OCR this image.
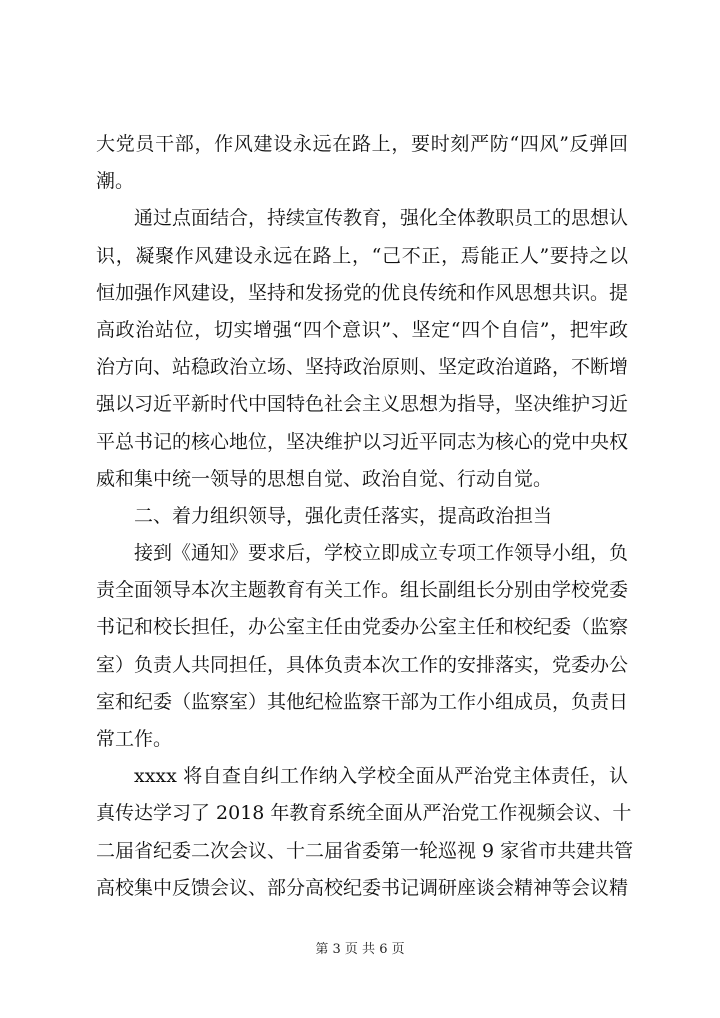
大党员干部，作风建设永远在路上，要时刻严防“四风”反弹回
潮。
通过点面结合，持续宣传教育，强化全体教职员工的思想认
识，凝聚作风建设永远在路上，“己不正，焉能正人”要持之以
恒加强作风建设，坚持和发扬党的优良传统和作风思想共识。提
高政治站位，切实增强“四个意识”、坚定“四个自信”，把牢政
治方向、站稳政治立场、坚持政治原则、坚定政治道路，不断增
强以习近平新时代中国特色社会主义思想为指导，坚决维护习近
平总书记的核心地位，坚决维护以习近平同志为核心的党中央权
威和集中统一领导的思想自觉、政治自觉、行动自觉。
二、着力组织领导，强化责任落实，提高政治担当
接到《通知》要求后，学校立即成立专项工作领导小组，负
责全面领导本次主题教育有关工作。组长副组长分别由学校党委
书记和校长担任，办公室主任由党委办公室主任和校纪委（监察
室）负责人共同担任，具体负责本次工作的安排落实，党委办公
室和纪委（监察室）其他纪检监察干部为工作小组成员，负责日
常工作。
xxxx 将自查自纠工作纳入学校全面从严治党主体责任，认
真传达学习了 2018 年教育系统全面从严治党工作视频会议、十
二届省纪委二次会议、十二届省委第一轮巡视 9 家省市共建共管
高校集中反馈会议、部分高校纪委书记调研座谈会精神等会议精
第 3 页 共 6 页
